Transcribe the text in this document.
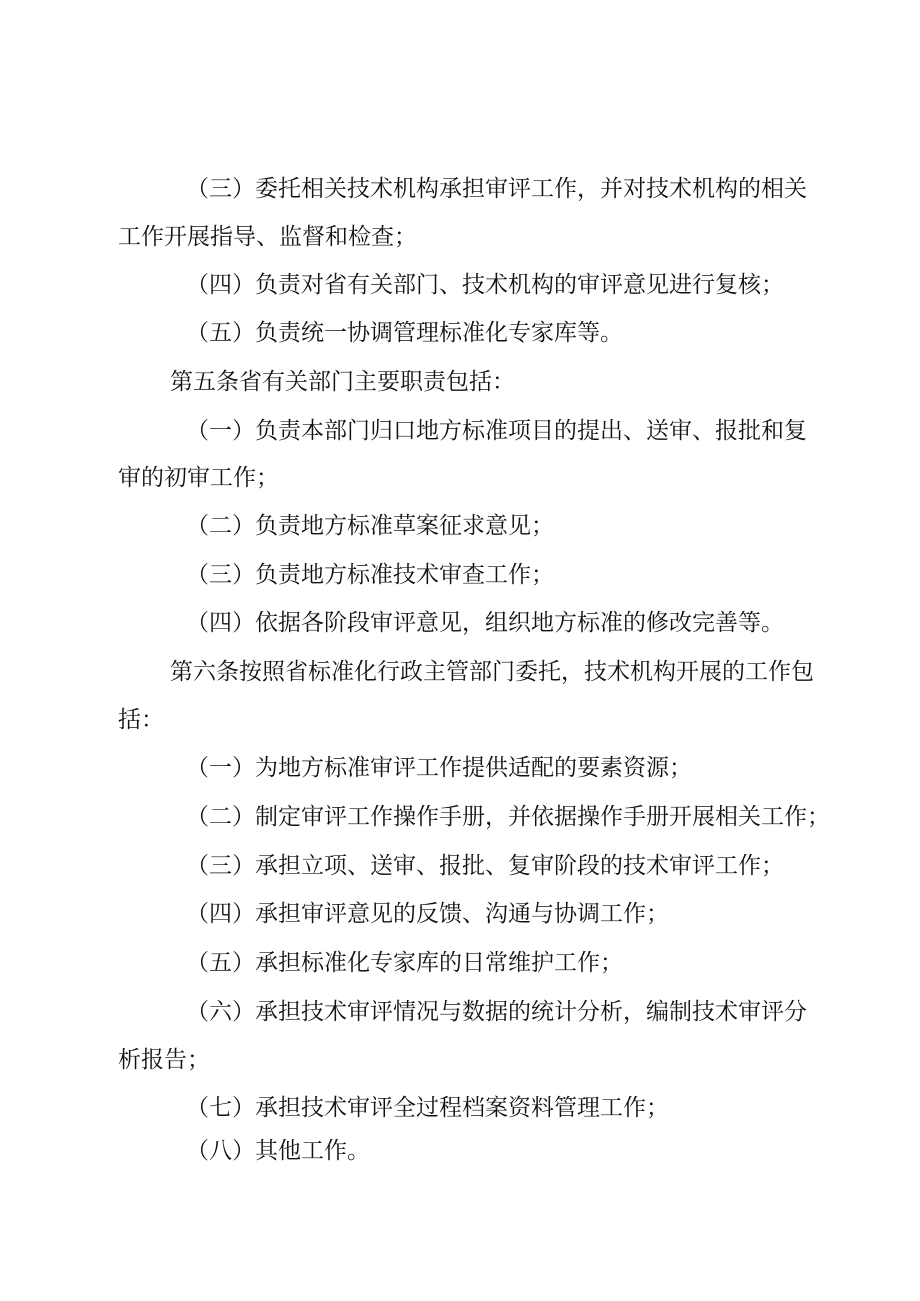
（三）委托相关技术机构承担审评工作，并对技术机构的相关
工作开展指导、监督和检查；
（四）负责对省有关部门、技术机构的审评意见进行复核；
（五）负责统一协调管理标准化专家库等。
第五条省有关部门主要职责包括：
（一）负责本部门归口地方标准项目的提出、送审、报批和复
审的初审工作；
（二）负责地方标准草案征求意见；
（三）负责地方标准技术审查工作；
（四）依据各阶段审评意见，组织地方标准的修改完善等。
第六条按照省标准化行政主管部门委托，技术机构开展的工作包
括：
（一）为地方标准审评工作提供适配的要素资源；
（二）制定审评工作操作手册，并依据操作手册开展相关工作；
（三）承担立项、送审、报批、复审阶段的技术审评工作；
（四）承担审评意见的反馈、沟通与协调工作；
（五）承担标准化专家库的日常维护工作；
（六）承担技术审评情况与数据的统计分析，编制技术审评分
析报告；
（七）承担技术审评全过程档案资料管理工作；
（八）其他工作。
